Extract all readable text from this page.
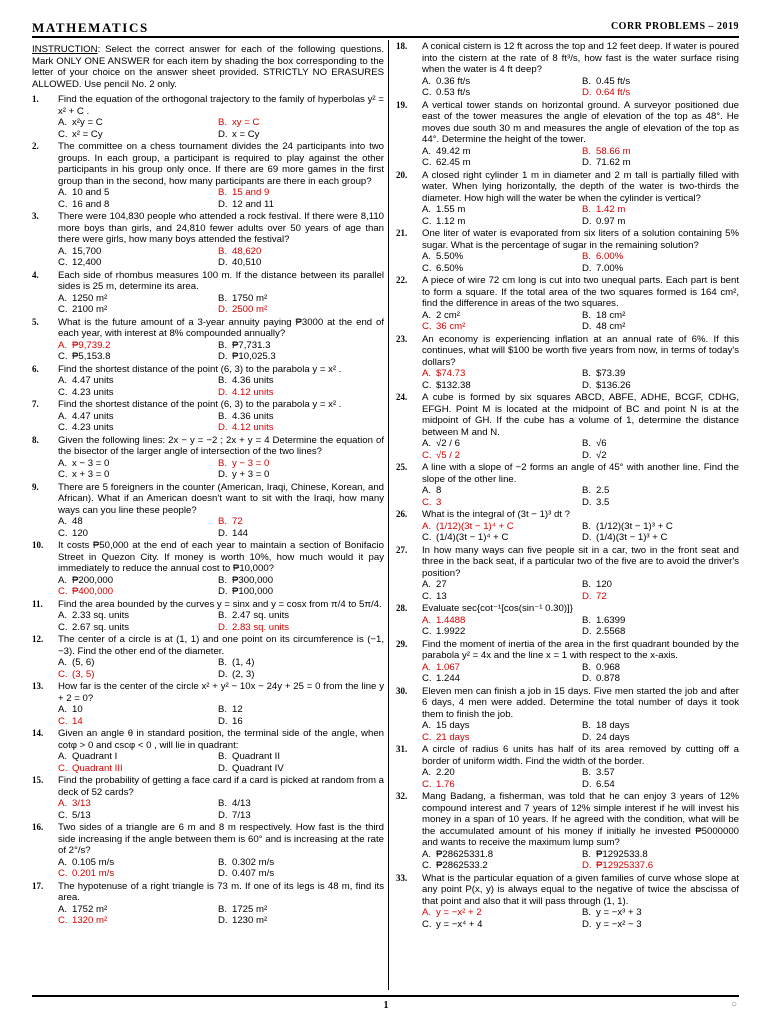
MATHEMATICS	CORR PROBLEMS – 2019
INSTRUCTION: Select the correct answer for each of the following questions. Mark ONLY ONE ANSWER for each item by shading the box corresponding to the letter of your choice on the answer sheet provided. STRICTLY NO ERASURES ALLOWED. Use pencil No. 2 only.
1. Find the equation of the orthogonal trajectory to the family of hyperbolas y² = x² + C .
A. x²y = C	B. xy = C
C. x² = Cy	D. x = Cy
2. The committee on a chess tournament divides the 24 participants into two groups. In each group, a participant is required to play against the other participants in his group only once. If there are 69 more games in the first group than in the second, how many participants are there in each group?
A. 10 and 5	B. 15 and 9
C. 16 and 8	D. 12 and 11
3. There were 104,830 people who attended a rock festival. If there were 8,110 more boys than girls, and 24,810 fewer adults over 50 years of age than there were girls, how many boys attended the festival?
A. 15,700	B. 48,620
C. 12,400	D. 40,510
4. Each side of rhombus measures 100 m. If the distance between its parallel sides is 25 m, determine its area.
A. 1250 m²	B. 1750 m²
C. 2100 m²	D. 2500 m²
5. What is the future amount of a 3-year annuity paying ₱3000 at the end of each year, with interest at 8% compounded annually?
A. ₱9,739.2	B. ₱7,731.3
C. ₱5,153.8	D. ₱10,025.3
6. Find the shortest distance of the point (6, 3) to the parabola y = x² .
A. 4.47 units	B. 4.36 units
C. 4.23 units	D. 4.12 units
7. Find the shortest distance of the point (6, 3) to the parabola y = x² .
A. 4.47 units	B. 4.36 units
C. 4.23 units	D. 4.12 units
8. Given the following lines: 2x − y = −2 ; 2x + y = 4 Determine the equation of the bisector of the larger angle of intersection of the two lines?
A. x − 3 = 0	B. y − 3 = 0
C. x + 3 = 0	D. y + 3 = 0
9. There are 5 foreigners in the counter (American, Iraqi, Chinese, Korean, and African). What if an American doesn't want to sit with the Iraqi, how many ways can you line these people?
A. 48	B. 72
C. 120	D. 144
10. It costs ₱50,000 at the end of each year to maintain a section of Bonifacio Street in Quezon City. If money is worth 10%, how much would it pay immediately to reduce the annual cost to ₱10,000?
A. ₱200,000	B. ₱300,000
C. ₱400,000	D. ₱100,000
11. Find the area bounded by the curves y = sinx and y = cosx from π/4 to 5π/4.
A. 2.33 sq. units	B. 2.47 sq. units
C. 2.67 sq. units	D. 2.83 sq. units
12. The center of a circle is at (1, 1) and one point on its circumference is (−1, −3). Find the other end of the diameter.
A. (5, 6)	B. (1, 4)
C. (3, 5)	D. (2, 3)
13. How far is the center of the circle x² + y² − 10x − 24y + 25 = 0 from the line y + 2 = 0?
A. 10	B. 12
C. 14	D. 16
14. Given an angle θ in standard position, the terminal side of the angle, when cotφ > 0 and cscφ < 0 , will lie in quadrant:
A. Quadrant I	B. Quadrant II
C. Quadrant III	D. Quadrant IV
15. Find the probability of getting a face card if a card is picked at random from a deck of 52 cards?
A. 3/13	B. 4/13
C. 5/13	D. 7/13
16. Two sides of a triangle are 6 m and 8 m respectively. How fast is the third side increasing if the angle between them is 60° and is increasing at the rate of 2°/s?
A. 0.105 m/s	B. 0.302 m/s
C. 0.201 m/s	D. 0.407 m/s
17. The hypotenuse of a right triangle is 73 m. If one of its legs is 48 m, find its area.
A. 1752 m²	B. 1725 m²
C. 1320 m²	D. 1230 m²
18. A conical cistern is 12 ft across the top and 12 feet deep. If water is poured into the cistern at the rate of 8 ft³/s, how fast is the water surface rising when the water is 4 ft deep?
A. 0.36 ft/s	B. 0.45 ft/s
C. 0.53 ft/s	D. 0.64 ft/s
19. A vertical tower stands on horizontal ground. A surveyor positioned due east of the tower measures the angle of elevation of the top as 48°. He moves due south 30 m and measures the angle of elevation of the top as 44°. Determine the height of the tower.
A. 49.42 m	B. 58.66 m
C. 62.45 m	D. 71.62 m
20. A closed right cylinder 1 m in diameter and 2 m tall is partially filled with water. When lying horizontally, the depth of the water is two-thirds the diameter. How high will the water be when the cylinder is vertical?
A. 1.55 m	B. 1.42 m
C. 1.12 m	D. 0.97 m
21. One liter of water is evaporated from six liters of a solution containing 5% sugar. What is the percentage of sugar in the remaining solution?
A. 5.50%	B. 6.00%
C. 6.50%	D. 7.00%
22. A piece of wire 72 cm long is cut into two unequal parts. Each part is bent to form a square. If the total area of the two squares formed is 164 cm², find the difference in areas of the two squares.
A. 2 cm²	B. 18 cm²
C. 36 cm²	D. 48 cm²
23. An economy is experiencing inflation at an annual rate of 6%. If this continues, what will $100 be worth five years from now, in terms of today's dollars?
A. $74.73	B. $73.39
C. $132.38	D. $136.26
24. A cube is formed by six squares ABCD, ABFE, ADHE, BCGF, CDHG, EFGH. Point M is located at the midpoint of BC and point N is at the midpoint of GH. If the cube has a volume of 1, determine the distance between M and N.
A. √2 / 6	B. √6
C. √5 / 2	D. √2
25. A line with a slope of −2 forms an angle of 45° with another line. Find the slope of the other line.
A. 8	B. 2.5
C. 3	D. 3.5
26. What is the integral of (3t − 1)³ dt ?
A. (1/12)(3t − 1)⁴ + C	B. (1/12)(3t − 1)³ + C
C. (1/4)(3t − 1)⁴ + C	D. (1/4)(3t − 1)³ + C
27. In how many ways can five people sit in a car, two in the front seat and three in the back seat, if a particular two of the five are to avoid the driver's position?
A. 27	B. 120
C. 13	D. 72
28. Evaluate sec{cot⁻¹[cos(sin⁻¹ 0.30)]}
A. 1.4488	B. 1.6399
C. 1.9922	D. 2.5568
29. Find the moment of inertia of the area in the first quadrant bounded by the parabola y² = 4x and the line x = 1 with respect to the x-axis.
A. 1.067	B. 0.968
C. 1.244	D. 0.878
30. Eleven men can finish a job in 15 days. Five men started the job and after 6 days, 4 men were added. Determine the total number of days it took them to finish the job.
A. 15 days	B. 18 days
C. 21 days	D. 24 days
31. A circle of radius 6 units has half of its area removed by cutting off a border of uniform width. Find the width of the border.
A. 2.20	B. 3.57
C. 1.76	D. 6.54
32. Mang Badang, a fisherman, was told that he can enjoy 3 years of 12% compound interest and 7 years of 12% simple interest if he will invest his money in a span of 10 years. If he agreed with the condition, what will be the accumulated amount of his money if initially he invested ₱5000000 and wants to receive the maximum lump sum?
A. ₱28625331.8	B. ₱1292533.8
C. ₱2862533.2	D. ₱12925337.6
33. What is the particular equation of a given families of curve whose slope at any point P(x, y) is always equal to the negative of twice the abscissa of that point and also that it will pass through (1, 1).
A. y = −x² + 2	B. y = −x³ + 3
C. y = −x⁴ + 4	D. y = −x² − 3
1	○
